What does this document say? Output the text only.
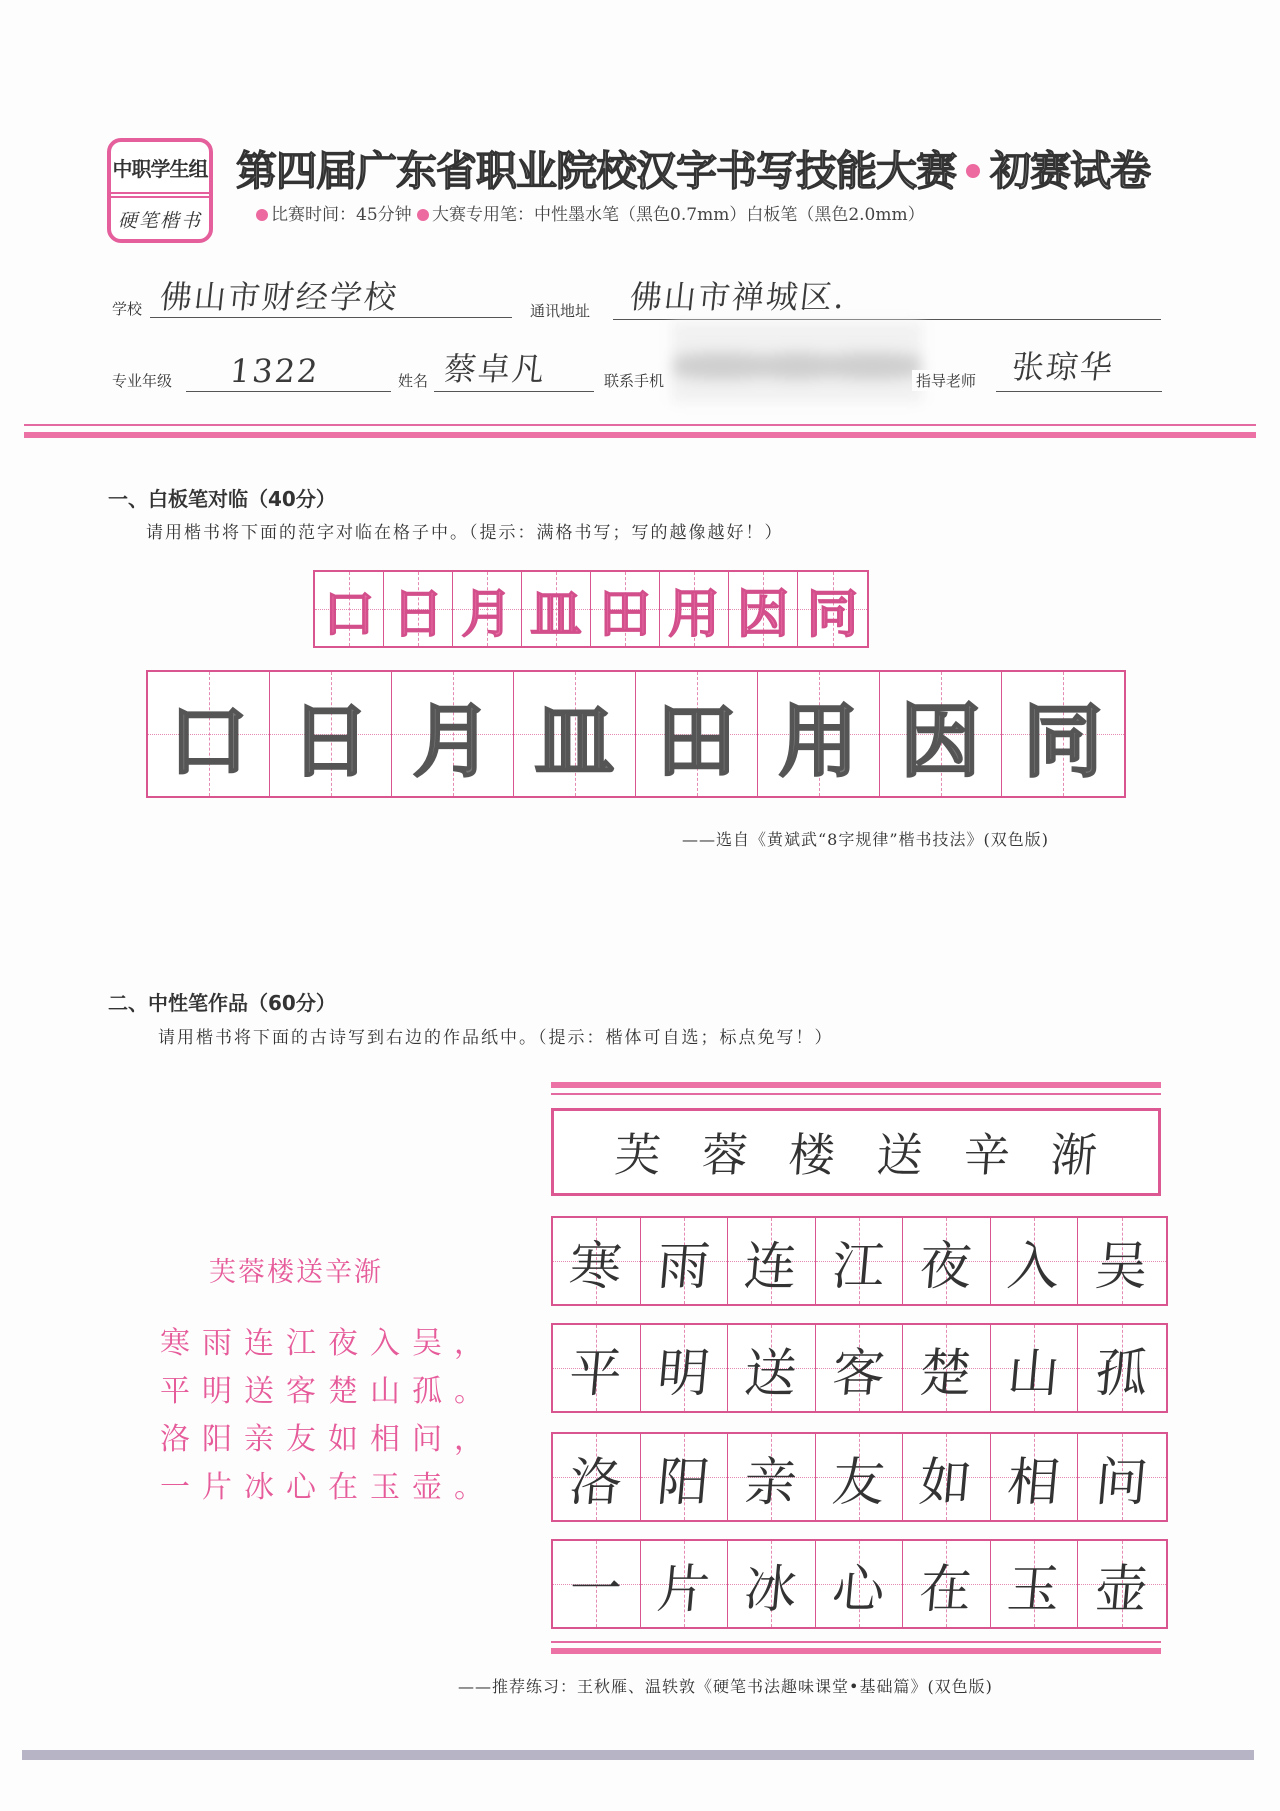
中职学生组
硬笔楷书
第四届广东省职业院校汉字书写技能大赛 初赛试卷
比赛时间：45分钟 大赛专用笔：中性墨水笔（黑色0.7mm）白板笔（黑色2.0mm）
学校 佛山市财经学校	通讯地址 佛山市禅城区.
专业年级 1322	姓名 蔡卓凡	联系手机	指导老师 张琼华
一、白板笔对临（40分）
请用楷书将下面的范字对临在格子中。（提示：满格书写；写的越像越好！）
口 日 月 皿 田 用 因 同
口 日 月 皿 田 用 因 同
——选自《黄斌武“8字规律”楷书技法》(双色版)
二、中性笔作品（60分）
请用楷书将下面的古诗写到右边的作品纸中。（提示：楷体可自选；标点免写！）
芙蓉楼送辛渐
寒雨连江夜入吴，
平明送客楚山孤。
洛阳亲友如相问，
一片冰心在玉壶。
芙 蓉 楼 送 辛 渐
寒 雨 连 江 夜 入 吴
平 明 送 客 楚 山 孤
洛 阳 亲 友 如 相 问
一 片 冰 心 在 玉 壶
——推荐练习：王秋雁、温轶敦《硬笔书法趣味课堂•基础篇》(双色版)
